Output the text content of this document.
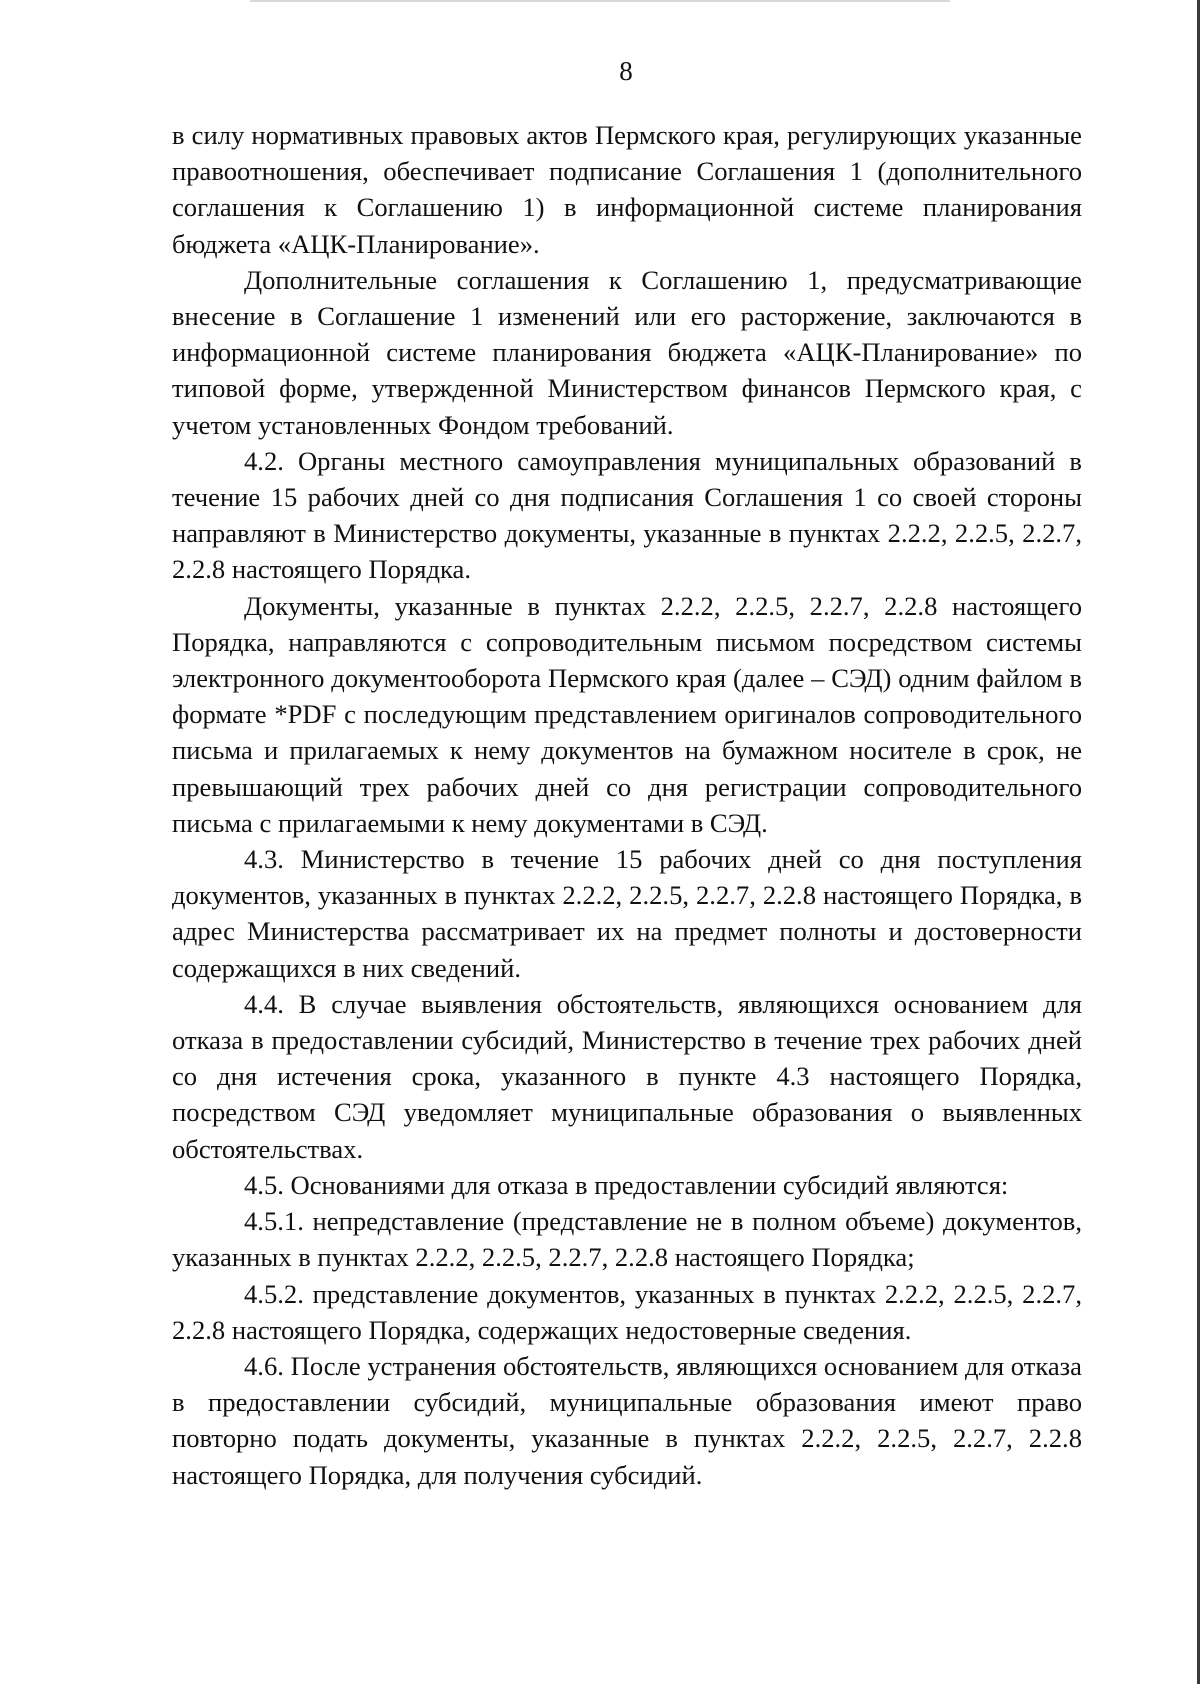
8

в силу нормативных правовых актов Пермского края, регулирующих указанные правоотношения, обеспечивает подписание Соглашения 1 (дополнительного соглашения к Соглашению 1) в информационной системе планирования бюджета «АЦК-Планирование».

Дополнительные соглашения к Соглашению 1, предусматривающие внесение в Соглашение 1 изменений или его расторжение, заключаются в информационной системе планирования бюджета «АЦК-Планирование» по типовой форме, утвержденной Министерством финансов Пермского края, с учетом установленных Фондом требований.

4.2. Органы местного самоуправления муниципальных образований в течение 15 рабочих дней со дня подписания Соглашения 1 со своей стороны направляют в Министерство документы, указанные в пунктах 2.2.2, 2.2.5, 2.2.7, 2.2.8 настоящего Порядка.

Документы, указанные в пунктах 2.2.2, 2.2.5, 2.2.7, 2.2.8 настоящего Порядка, направляются с сопроводительным письмом посредством системы электронного документооборота Пермского края (далее – СЭД) одним файлом в формате *PDF с последующим представлением оригиналов сопроводительного письма и прилагаемых к нему документов на бумажном носителе в срок, не превышающий трех рабочих дней со дня регистрации сопроводительного письма с прилагаемыми к нему документами в СЭД.

4.3. Министерство в течение 15 рабочих дней со дня поступления документов, указанных в пунктах 2.2.2, 2.2.5, 2.2.7, 2.2.8 настоящего Порядка, в адрес Министерства рассматривает их на предмет полноты и достоверности содержащихся в них сведений.

4.4. В случае выявления обстоятельств, являющихся основанием для отказа в предоставлении субсидий, Министерство в течение трех рабочих дней со дня истечения срока, указанного в пункте 4.3 настоящего Порядка, посредством СЭД уведомляет муниципальные образования о выявленных обстоятельствах.

4.5. Основаниями для отказа в предоставлении субсидий являются:

4.5.1. непредставление (представление не в полном объеме) документов, указанных в пунктах 2.2.2, 2.2.5, 2.2.7, 2.2.8 настоящего Порядка;

4.5.2. представление документов, указанных в пунктах 2.2.2, 2.2.5, 2.2.7, 2.2.8 настоящего Порядка, содержащих недостоверные сведения.

4.6. После устранения обстоятельств, являющихся основанием для отказа в предоставлении субсидий, муниципальные образования имеют право повторно подать документы, указанные в пунктах 2.2.2, 2.2.5, 2.2.7, 2.2.8 настоящего Порядка, для получения субсидий.
